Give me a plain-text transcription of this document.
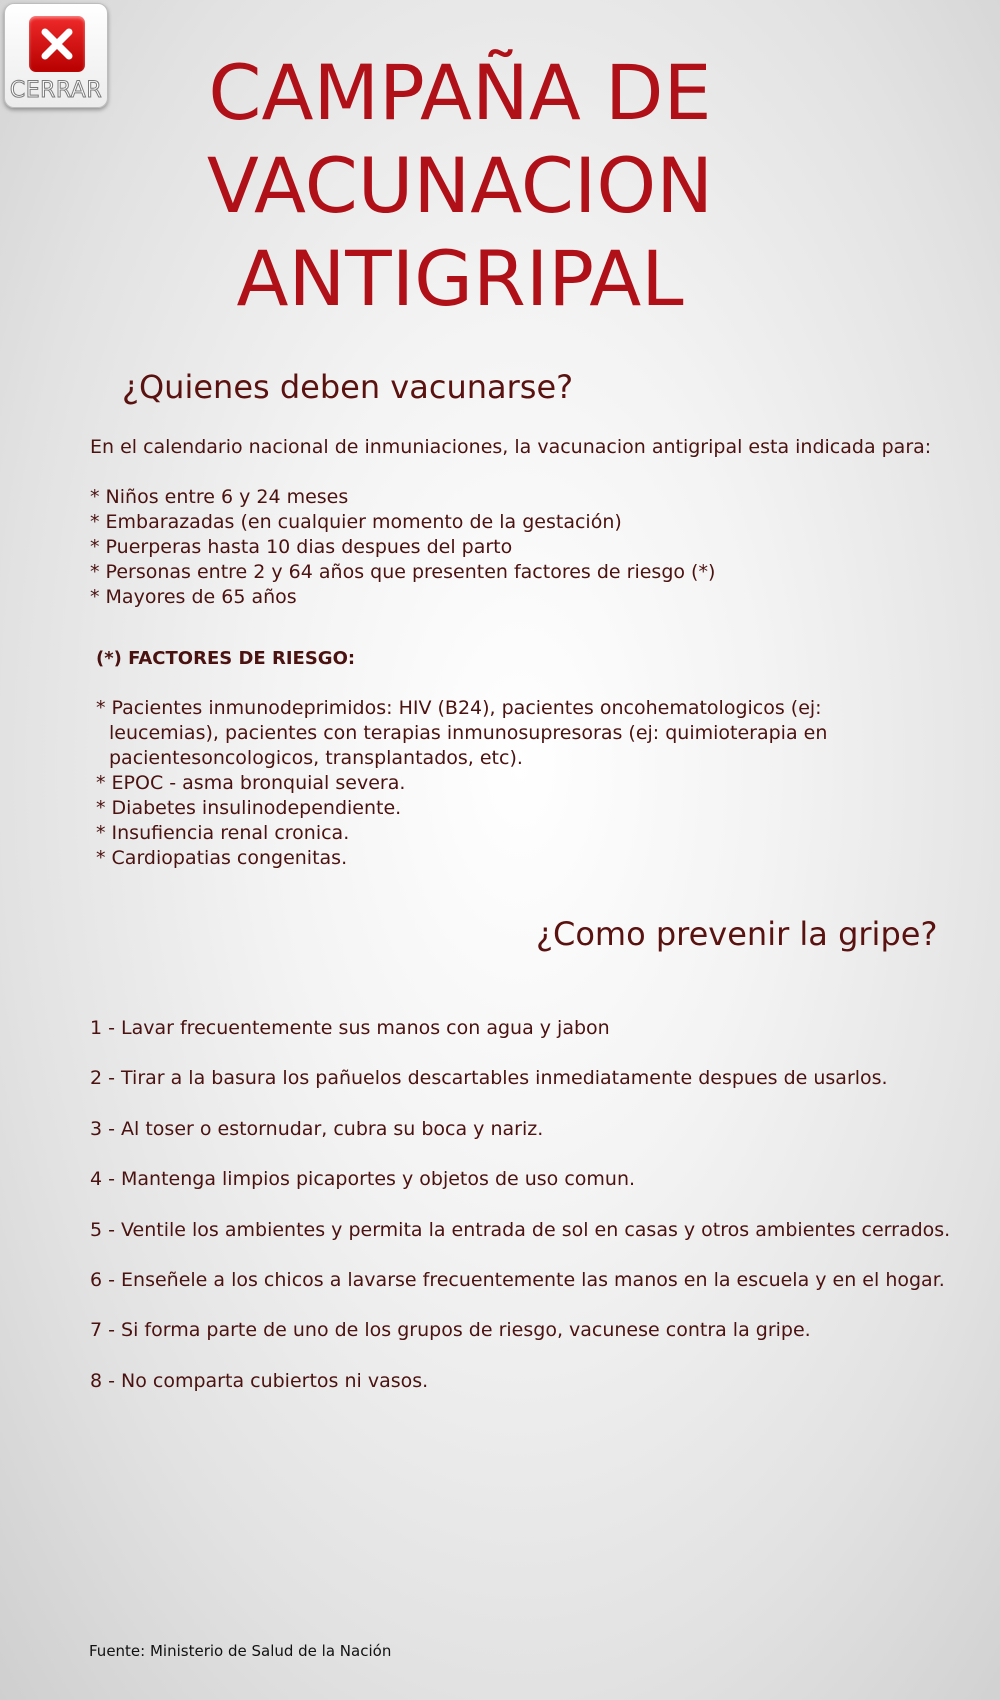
CERRAR CAMPAÑA DE VACUNACION ANTIGRIPAL
¿Quienes deben vacunarse?

En el calendario nacional de inmuniaciones, la vacunacion antigripal esta indicada para:

* Niños entre 6 y 24 meses
* Embarazadas (en cualquier momento de la gestación)
* Puerperas hasta 10 dias despues del parto
* Personas entre 2 y 64 años que presenten factores de riesgo (*)
* Mayores de 65 años
(*) FACTORES DE RIESGO:
* Pacientes inmunodeprimidos: HIV (B24), pacientes oncohematologicos (ej: leucemias), pacientes con terapias inmunosupresoras (ej: quimioterapia en pacientesoncologicos, transplantados, etc).
* EPOC - asma bronquial severa.
* Diabetes insulinodependiente.
* Insufiencia renal cronica.
* Cardiopatias congenitas.
¿Como prevenir la gripe?
1 - Lavar frecuentemente sus manos con agua y jabon
2 - Tirar a la basura los pañuelos descartables inmediatamente despues de usarlos.
3 - Al toser o estornudar, cubra su boca y nariz.
4 - Mantenga limpios picaportes y objetos de uso comun.
5 - Ventile los ambientes y permita la entrada de sol en casas y otros ambientes cerrados.
6 - Enseñele a los chicos a lavarse frecuentemente las manos en la escuela y en el hogar.
7 - Si forma parte de uno de los grupos de riesgo, vacunese contra la gripe.
8 - No comparta cubiertos ni vasos.

Fuente: Ministerio de Salud de la Nación
